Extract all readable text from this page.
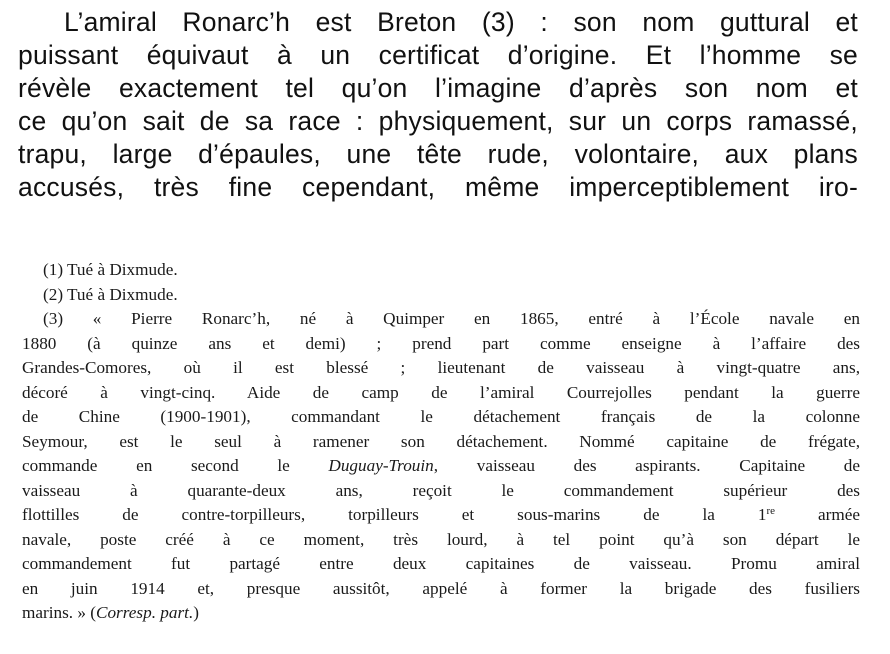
L’amiral Ronarc’h est Breton (3) : son nom guttural et
puissant équivaut à un certificat d’origine. Et l’homme se
révèle exactement tel qu’on l’imagine d’après son nom et
ce qu’on sait de sa race : physiquement, sur un corps ramassé,
trapu, large d’épaules, une tête rude, volontaire, aux plans
accusés, très fine cependant, même imperceptiblement iro-
(1) Tué à Dixmude.
(2) Tué à Dixmude.
(3) « Pierre Ronarc’h, né à Quimper en 1865, entré à l’École navale en
1880 (à quinze ans et demi) ; prend part comme enseigne à l’affaire des
Grandes-Comores, où il est blessé ; lieutenant de vaisseau à vingt-quatre ans,
décoré à vingt-cinq. Aide de camp de l’amiral Courrejolles pendant la guerre
de Chine (1900-1901), commandant le détachement français de la colonne
Seymour, est le seul à ramener son détachement. Nommé capitaine de frégate,
commande en second le Duguay-Trouin, vaisseau des aspirants. Capitaine de
vaisseau à quarante-deux ans, reçoit le commandement supérieur des
flottilles de contre-torpilleurs, torpilleurs et sous-marins de la 1re armée
navale, poste créé à ce moment, très lourd, à tel point qu’à son départ le
commandement fut partagé entre deux capitaines de vaisseau. Promu amiral
en juin 1914 et, presque aussitôt, appelé à former la brigade des fusiliers
marins. » (Corresp. part.)
